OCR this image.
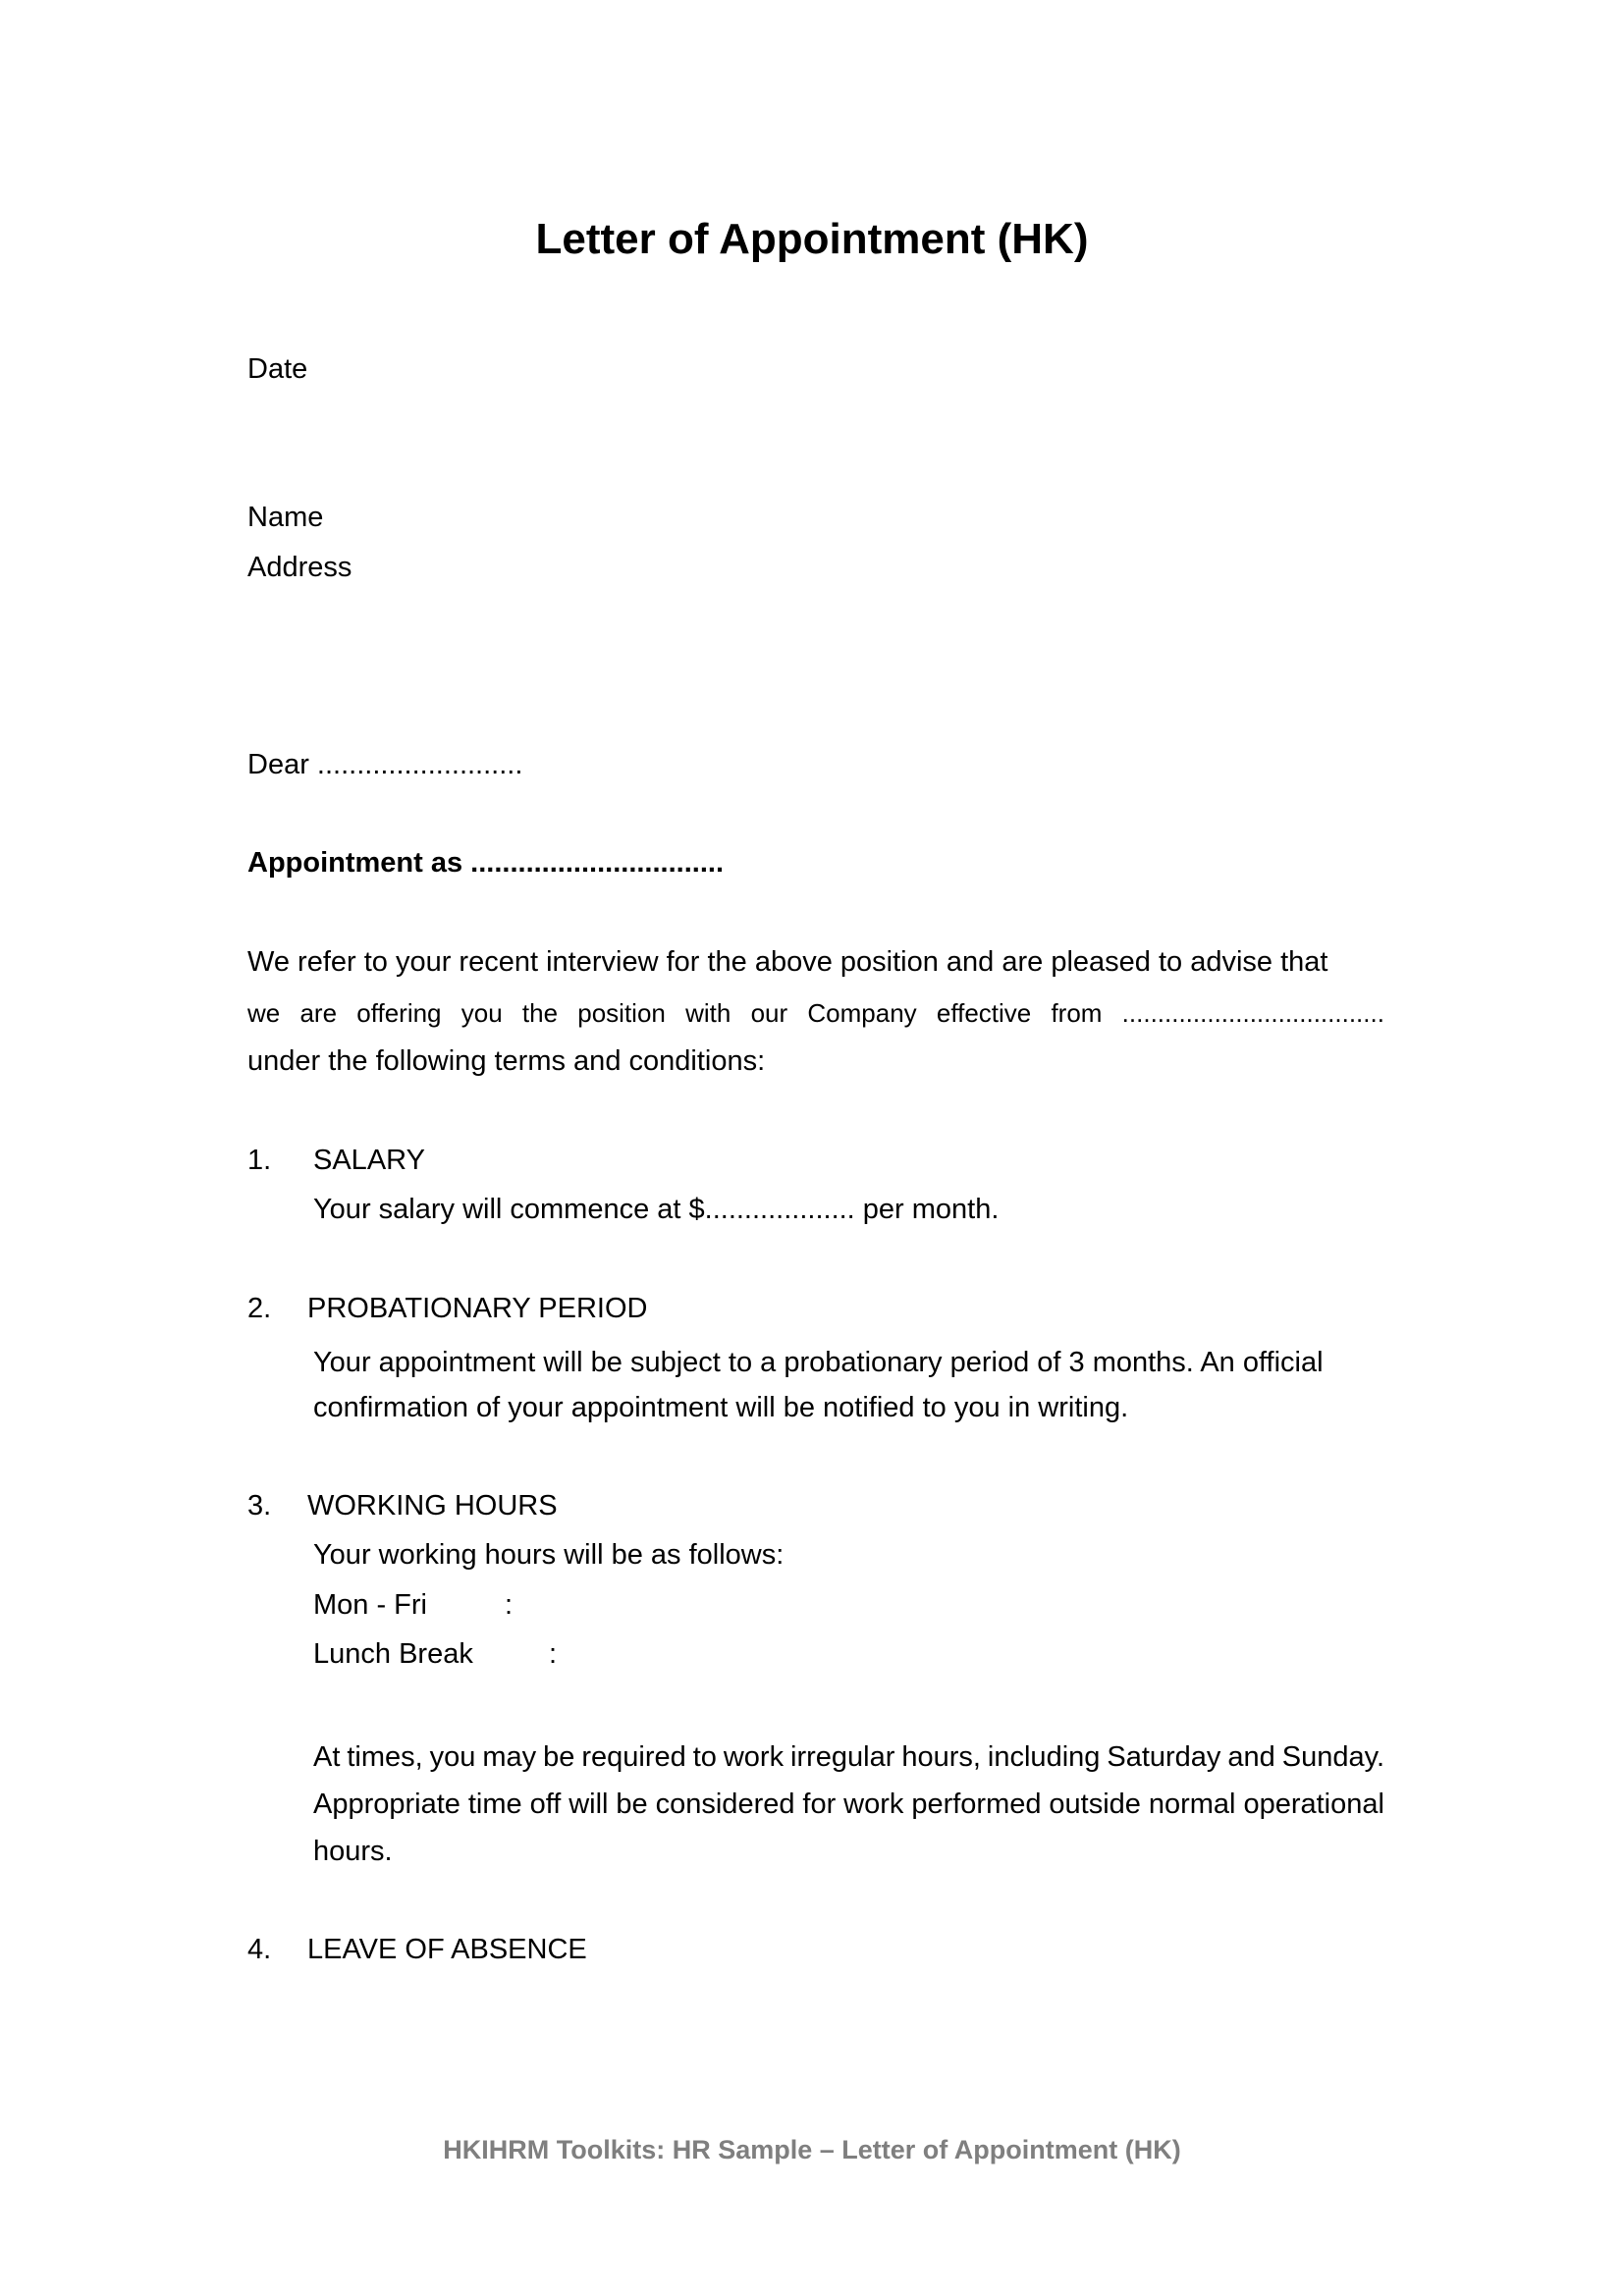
Letter of Appointment (HK)
Date
Name
Address
Dear ..........................
Appointment as ................................
We refer to your recent interview for the above position and are pleased to advise that
we are offering you the position with our Company effective from .....................................
under the following terms and conditions:
1. SALARY
Your salary will commence at $................... per month.
2. PROBATIONARY PERIOD
Your appointment will be subject to a probationary period of 3 months. An official
confirmation of your appointment will be notified to you in writing.
3. WORKING HOURS
Your working hours will be as follows:
Mon - Fri	:
Lunch Break	:
At times, you may be required to work irregular hours, including Saturday and Sunday.
Appropriate time off will be considered for work performed outside normal operational
hours.
4. LEAVE OF ABSENCE
HKIHRM Toolkits: HR Sample – Letter of Appointment (HK)
